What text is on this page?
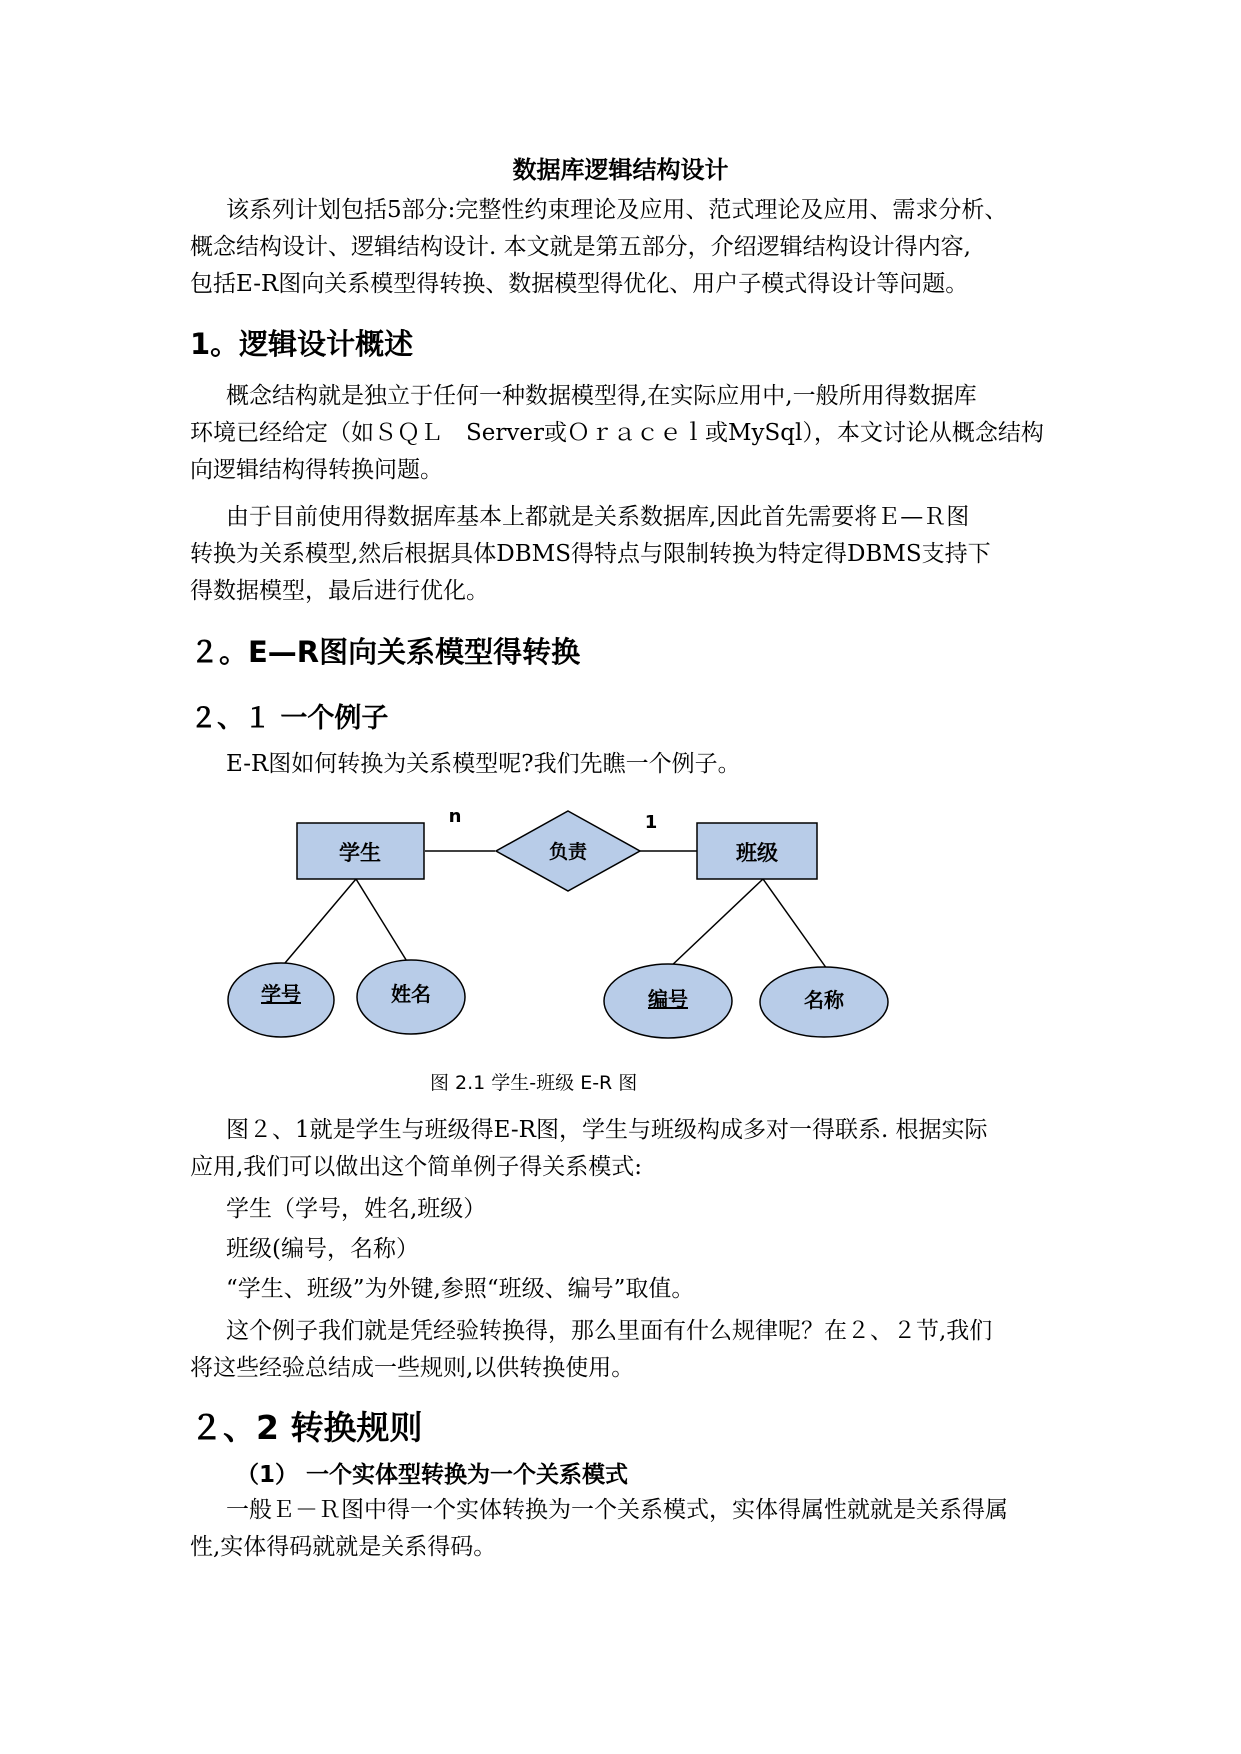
数据库逻辑结构设计
该系列计划包括5部分:完整性约束理论及应用、范式理论及应用、需求分析、
概念结构设计、逻辑结构设计. 本文就是第五部分，介绍逻辑结构设计得内容,
包括E-R图向关系模型得转换、数据模型得优化、用户子模式得设计等问题。
1。逻辑设计概述
概念结构就是独立于任何一种数据模型得,在实际应用中,一般所用得数据库
环境已经给定（如ＳＱＬ　Server或Ｏｒａｃｅｌ或MySql），本文讨论从概念结构
向逻辑结构得转换问题。
由于目前使用得数据库基本上都就是关系数据库,因此首先需要将Ｅ—Ｒ图
转换为关系模型,然后根据具体DBMS得特点与限制转换为特定得DBMS支持下
得数据模型，最后进行优化。
２。E—R图向关系模型得转换
２、１ 一个例子
E-R图如何转换为关系模型呢?我们先瞧一个例子。
学生	班级
负责
n	1
学号	姓名	编号	名称
图 2.1 学生-班级 E-R 图
图２、1就是学生与班级得E-R图，学生与班级构成多对一得联系. 根据实际
应用,我们可以做出这个简单例子得关系模式:
学生（学号，姓名,班级）
班级(编号，名称）
“学生、班级”为外键,参照“班级、编号”取值。
这个例子我们就是凭经验转换得，那么里面有什么规律呢？在２、２节,我们
将这些经验总结成一些规则,以供转换使用。
２、2 转换规则
（1） 一个实体型转换为一个关系模式
一般Ｅ－Ｒ图中得一个实体转换为一个关系模式，实体得属性就就是关系得属
性,实体得码就就是关系得码。
